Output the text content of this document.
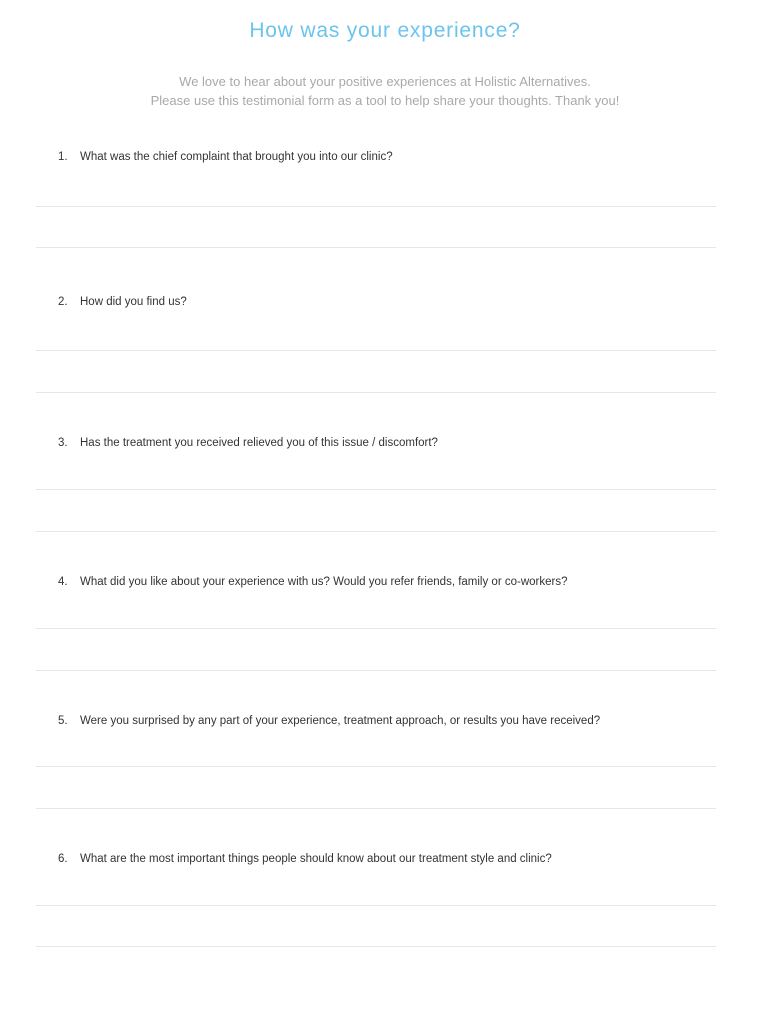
How was your experience?
We love to hear about your positive experiences at Holistic Alternatives.
Please use this testimonial form as a tool to help share your thoughts. Thank you!
1.	What was the chief complaint that brought you into our clinic?
2.	How did you find us?
3.	Has the treatment you received relieved you of this issue / discomfort?
4.	What did you like about your experience with us? Would you refer friends, family or co-workers?
5.	Were you surprised by any part of your experience, treatment approach, or results you have received?
6.	What are the most important things people should know about our treatment style and clinic?
